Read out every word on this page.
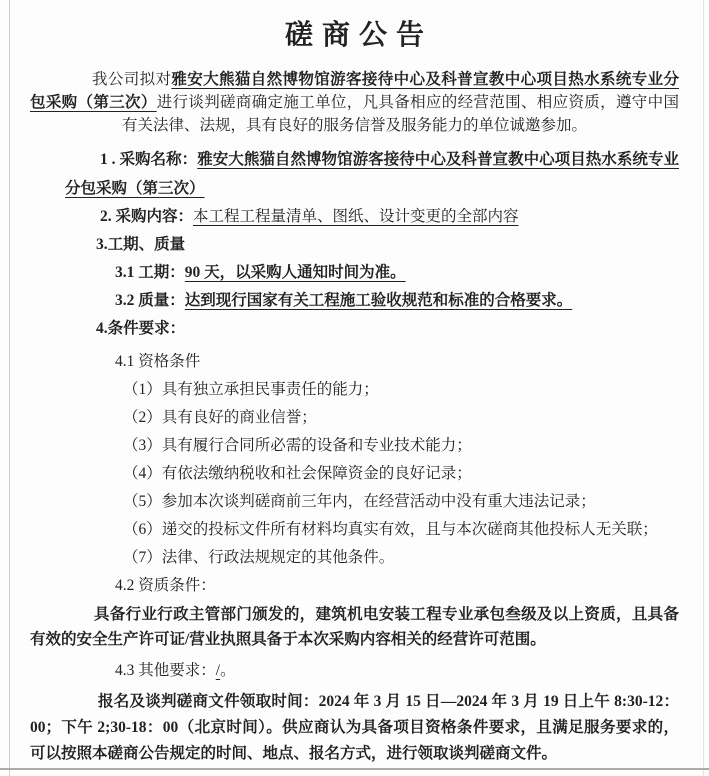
磋商公告

我公司拟对雅安大熊猫自然博物馆游客接待中心及科普宣教中心项目热水系统专业分包采购（第三次）进行谈判磋商确定施工单位，凡具备相应的经营范围、相应资质，遵守中国有关法律、法规，具有良好的服务信誉及服务能力的单位诚邀参加。

1 . 采购名称：雅安大熊猫自然博物馆游客接待中心及科普宣教中心项目热水系统专业分包采购（第三次）

2. 采购内容：本工程工程量清单、图纸、设计变更的全部内容

3.工期、质量

3.1 工期：90 天，以采购人通知时间为准。

3.2 质量：达到现行国家有关工程施工验收规范和标准的合格要求。

4.条件要求：

4.1 资格条件

（1）具有独立承担民事责任的能力；

（2）具有良好的商业信誉；

（3）具有履行合同所必需的设备和专业技术能力；

（4）有依法缴纳税收和社会保障资金的良好记录；

（5）参加本次谈判磋商前三年内，在经营活动中没有重大违法记录；

（6）递交的投标文件所有材料均真实有效，且与本次磋商其他投标人无关联；

（7）法律、行政法规规定的其他条件。

4.2 资质条件：

具备行业行政主管部门颁发的，建筑机电安装工程专业承包叁级及以上资质，且具备有效的安全生产许可证/营业执照具备于本次采购内容相关的经营许可范围。

4.3 其他要求：/。

报名及谈判磋商文件领取时间：2024 年 3 月 15 日—2024 年 3 月 19 日上午 8:30-12：00；下午 2;30-18：00（北京时间）。供应商认为具备项目资格条件要求，且满足服务要求的，可以按照本磋商公告规定的时间、地点、报名方式，进行领取谈判磋商文件。
